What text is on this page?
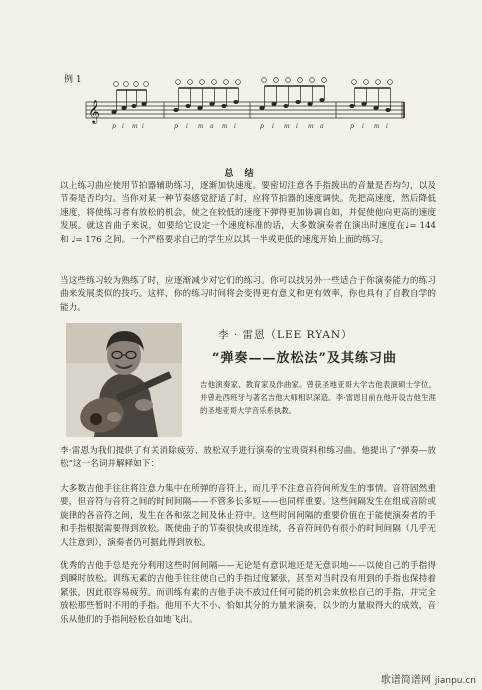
例 1
𝄞
p i m i	p i m a m i	p i m i m a	p i m i
总 结
以上练习曲应使用节拍器辅助练习，逐渐加快速度。要密切注意各手指拨出的音量是否均匀，以及节奏是否均匀。当你对某一种节奏感觉舒适了时，应将节拍器的速度调快。先把高速度，然后降低速度，将使练习者有放松的机会，使之在较低的速度下弹得更加协调自如，并促使他向更高的速度发展。就这首曲子来说，如要给它设定一个速度标准的话，大多数演奏者在演出时速度在♩= 144 和 ♩= 176 之间。一个严格要求自己的学生应以其一半或更低的速度开始上面的练习。
当这些练习较为熟练了时，应逐渐减少对它们的练习。你可以找另外一些适合于你演奏能力的练习曲来发展类似的技巧。这样，你的练习时间将会变得更有意义和更有效率，你也具有了自教自学的能力。
李 · 雷恩（LEE RYAN）
“弹奏——放松法”及其练习曲
吉他演奏家、教育家及作曲家。曾获圣地亚哥大学吉他表演硕士学位，并曾赴西班牙与著名吉他大师相识深造。李·雷恩目前在他开设吉他生涯的圣地亚哥大学音乐系执教。
李·雷恩为我们提供了有关消除疲劳、放松双手进行演奏的宝贵资料和练习曲。他提出了“弹奏—放松”这一名词并解释如下：
大多数吉他手往往将注意力集中在所弹的音符上，而几乎不注意音符间所发生的事情。音符固然重要，但音符与音符之间的时间间隔——不管多长多短——也同样重要。这些间隔发生在组成音阶或旋律的各音符之间，发生在各和弦之间及休止符中。这些时间间隔的重要价值在于能使演奏者的手和手指根据需要得到放松。既使曲子的节奏很快或很连续，各音符间仍有很小的时间间隔（几乎无人注意到），演奏者仍可据此得到放松。
优秀的吉他手总是充分利用这些时间间隔——无论是有意识地还是无意识地——以使自己的手指得到瞬时放松。训练无素的吉他手往往使自己的手指过度紧张，甚至对当时没有用到的手指也保持着紧张，因此很容易疲劳。而训练有素的吉他手决不放过任何可能的机会来放松自己的手指，并完全放松那些暂时不用的手指。他用不大不小、恰如其分的力量来演奏，以少的力量取得大的成效，音乐从他们的手指间轻松自如地飞出。
歌谱简谱网 jianpu.cn
